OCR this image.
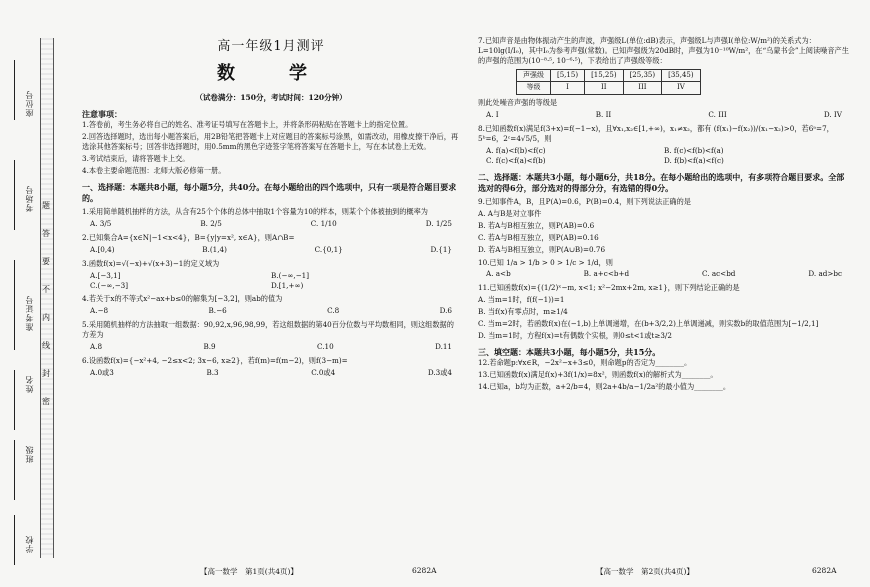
座位号
考场号
准考证号
姓名
班级
学校
题
答
要
不
内
线
封
密
高一年级1月测评
数　学
（试卷满分：150分，考试时间：120分钟）
注意事项：

1.答卷前，考生务必将自己的姓名、准考证号填写在答题卡上，并将条形码粘贴在答题卡上的指定位置。

2.回答选择题时，选出每小题答案后，用2B铅笔把答题卡上对应题目的答案标号涂黑，如需改动，用橡皮擦干净后，再选涂其他答案标号；回答非选择题时，用0.5mm的黑色字迹签字笔将答案写在答题卡上，写在本试卷上无效。

3.考试结束后，请将答题卡上交。

4.本卷主要命题范围：北师大版必修第一册。

一、选择题：本题共8小题，每小题5分，共40分。在每小题给出的四个选项中，只有一项是符合题目要求的。

1.采用简单随机抽样的方法，从含有25个个体的总体中抽取1个容量为10的样本，则某个个体被抽到的概率为

A. 3/5	B. 2/5	C. 1/10	D. 1/25

2.已知集合A={x∈N|−1<x<4}，B={y|y=x², x∈A}，则A∩B=

A.[0,4)	B.(1,4)	C.{0,1}	D.{1}

3.函数f(x)=√(−x)+√(x+3)−1的定义域为

A.[−3,1]	B.(−∞,−1]
C.(−∞,−3]	D.[1,+∞)

4.若关于x的不等式x²−ax+b≤0的解集为[−3,2]，则ab的值为

A.−8	B.−6	C.8	D.6

5.采用随机抽样的方法抽取一组数据：90,92,x,96,98,99，若这组数据的第40百分位数与平均数相同，则这组数据的方差为

A.8	B.9	C.10	D.11

6.设函数f(x)={−x²+4, −2≤x<2; 3x−6, x≥2}，若f(m)=f(m−2)，则f(3−m)=

A.0或3	B.3	C.0或4	D.3或4

7.已知声音是由物体振动产生的声波，声强级L(单位:dB)表示，声强级L与声强I(单位:W/m²)的关系式为：L=10lg(I/I₀)，其中I₀为参考声强(常数)。已知声强级为20dB时，声强为10⁻¹⁰W/m²，在“乌蒙书会”上阅读噪音产生的声强的范围为(10⁻⁸·⁵, 10⁻⁶·⁵)，下表给出了声强级等级：

声强级	[5,15)	[15,25)	[25,35)	[35,45)
等级	I	II	III	IV

则此处噪音声强的等级是

A. I	B. II	C. III	D. IV

8.已知函数f(x)满足f(3+x)=f(−1−x)，且∀x₁,x₂∈[1,+∞)，x₁≠x₂，都有 (f(x₁)−f(x₂))/(x₁−x₂)>0，若6ᵃ=7，5ᵇ=6，2ᶜ=4√5/5，则

A. f(a)<f(b)<f(c)	B. f(c)<f(b)<f(a)
C. f(c)<f(a)<f(b)	D. f(b)<f(a)<f(c)
二、选择题：本题共3小题，每小题6分，共18分。在每小题给出的选项中，有多项符合题目要求。全部选对的得6分，部分选对的得部分分，有选错的得0分。

9.已知事件A，B，且P(A)=0.6，P(B)=0.4，则下列说法正确的是

A. A与B是对立事件

B. 若A与B相互独立，则P(AB)=0.6

C. 若A与B相互独立，则P(AB)=0.16

D. 若A与B相互独立，则P(A∪B)=0.76

10.已知 1/a > 1/b > 0 > 1/c > 1/d，则

A. a<b	B. a+c<b+d	C. ac<bd	D. ad>bc

11.已知函数f(x)={(1/2)ˣ−m, x<1; x²−2mx+2m, x≥1}，则下列结论正确的是

A. 当m=1时，f(f(−1))=1

B. 当f(x)有零点时，m≥1/4

C. 当m=2时，若函数f(x)在(−1,b)上单调递增，在(b+3/2,2)上单调递减，则实数b的取值范围为[−1/2,1]

D. 当m=1时，方程f(x)=t有偶数个实根，则0≤t<1或t≥3/2

三、填空题：本题共3小题，每小题5分，共15分。

12.若命题p:∀x∈R，−2x²−x+3≤0，则命题p的否定为________。

13.已知函数f(x)满足f(x)+3f(1/x)=8x²，则函数f(x)的解析式为________。

14.已知a，b均为正数，a+2/b=4，则2a+4b/a−1/2a²的最小值为________。

【高一数学　第1页(共4页)】	6282A	【高一数学　第2页(共4页)】	6282A
